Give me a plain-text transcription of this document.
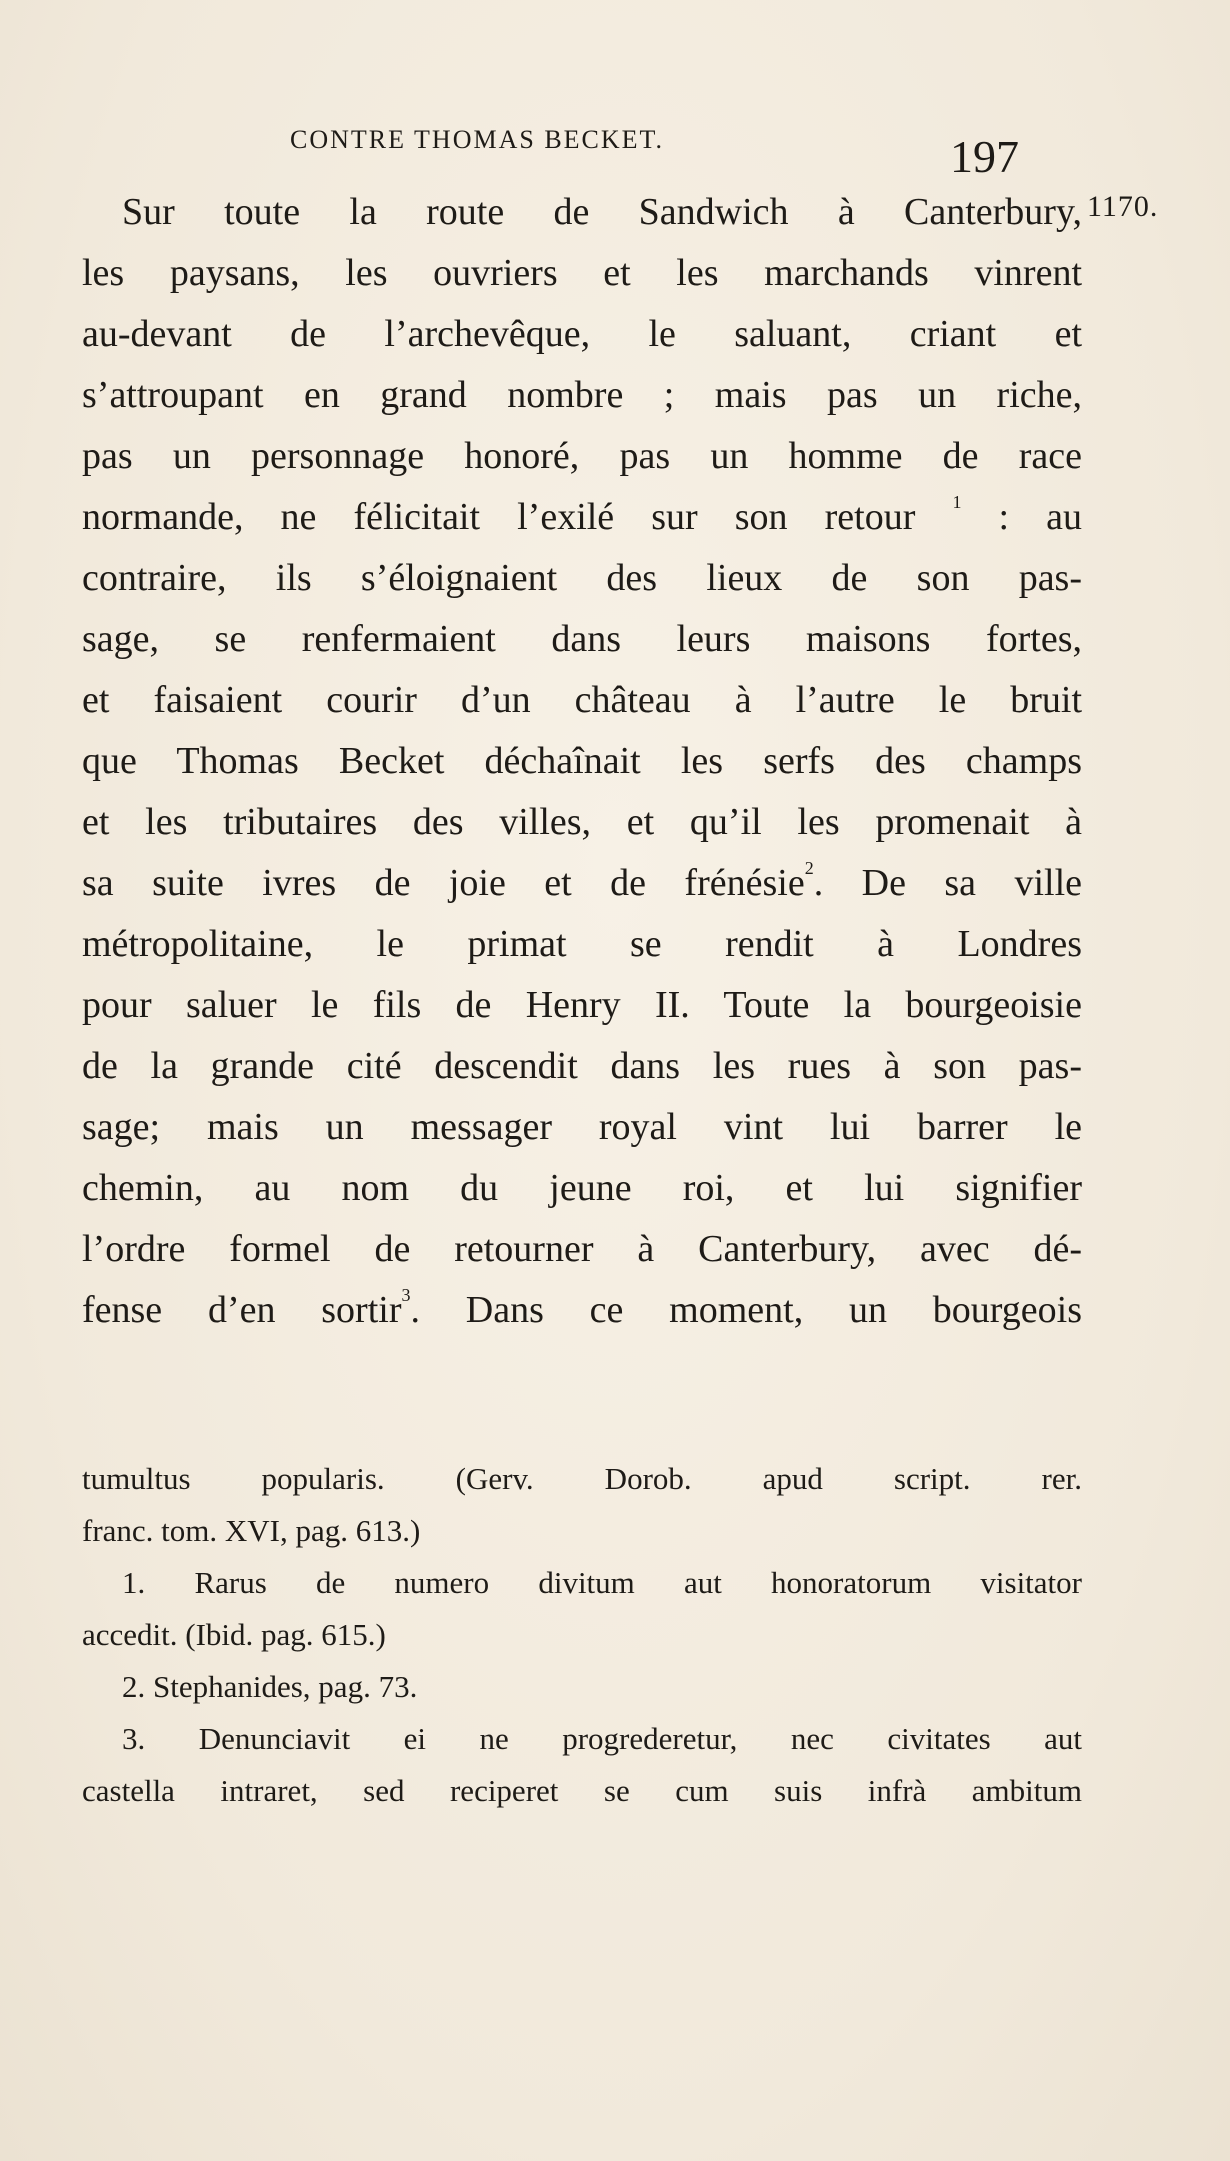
CONTRE THOMAS BECKET.	197
1170.
Sur toute la route de Sandwich à Canterbury,
les paysans, les ouvriers et les marchands vinrent
au-devant de l’archevêque, le saluant, criant et
s’attroupant en grand nombre ; mais pas un riche,
pas un personnage honoré, pas un homme de race
normande, ne félicitait l’exilé sur son retour $^1$ : au
contraire, ils s’éloignaient des lieux de son pas-
sage, se renfermaient dans leurs maisons fortes,
et faisaient courir d’un château à l’autre le bruit
que Thomas Becket déchaînait les serfs des champs
et les tributaires des villes, et qu’il les promenait à
sa suite ivres de joie et de frénésie$^2$. De sa ville
métropolitaine, le primat se rendit à Londres
pour saluer le fils de Henry II. Toute la bourgeoisie
de la grande cité descendit dans les rues à son pas-
sage; mais un messager royal vint lui barrer le
chemin, au nom du jeune roi, et lui signifier
l’ordre formel de retourner à Canterbury, avec dé-
fense d’en sortir$^3$. Dans ce moment, un bourgeois
tumultus popularis. (Gerv. Dorob. apud script. rer.
franc. tom. XVI, pag. 613.)
1. Rarus de numero divitum aut honoratorum visitator
accedit. (Ibid. pag. 615.)
2. Stephanides, pag. 73.
3. Denunciavit ei ne progrederetur, nec civitates aut
castella intraret, sed reciperet se cum suis infrà ambitum
